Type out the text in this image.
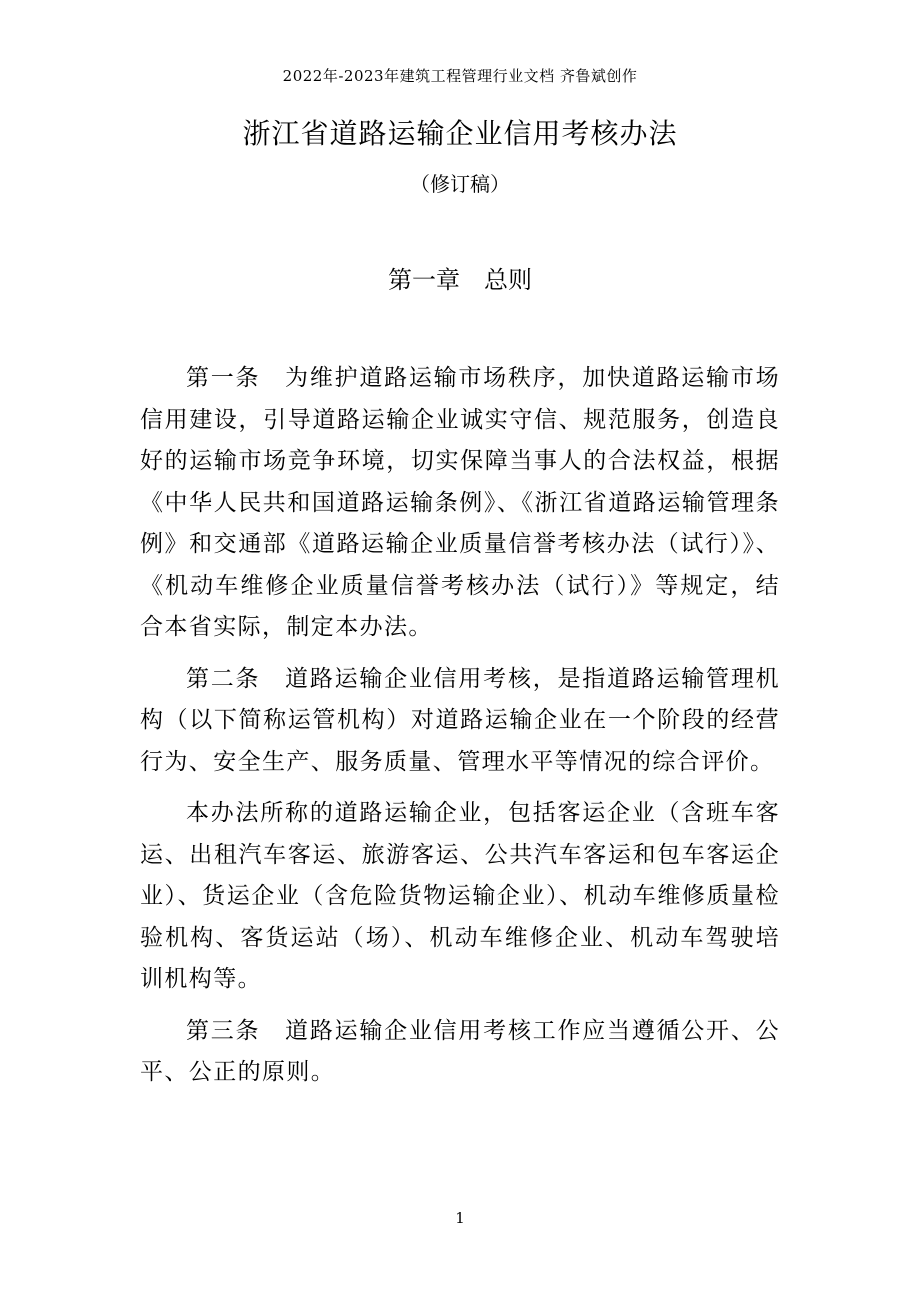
2022年-2023年建筑工程管理行业文档 齐鲁斌创作
浙江省道路运输企业信用考核办法
（修订稿）
第一章　总则

第一条　为维护道路运输市场秩序，加快道路运输市场信用建设，引导道路运输企业诚实守信、规范服务，创造良好的运输市场竞争环境，切实保障当事人的合法权益，根据《中华人民共和国道路运输条例》、《浙江省道路运输管理条例》和交通部《道路运输企业质量信誉考核办法（试行）》、《机动车维修企业质量信誉考核办法（试行）》等规定，结合本省实际，制定本办法。

第二条　道路运输企业信用考核，是指道路运输管理机构（以下简称运管机构）对道路运输企业在一个阶段的经营行为、安全生产、服务质量、管理水平等情况的综合评价。

本办法所称的道路运输企业，包括客运企业（含班车客运、出租汽车客运、旅游客运、公共汽车客运和包车客运企业）、货运企业（含危险货物运输企业）、机动车维修质量检验机构、客货运站（场）、机动车维修企业、机动车驾驶培训机构等。

第三条　道路运输企业信用考核工作应当遵循公开、公平、公正的原则。

1
